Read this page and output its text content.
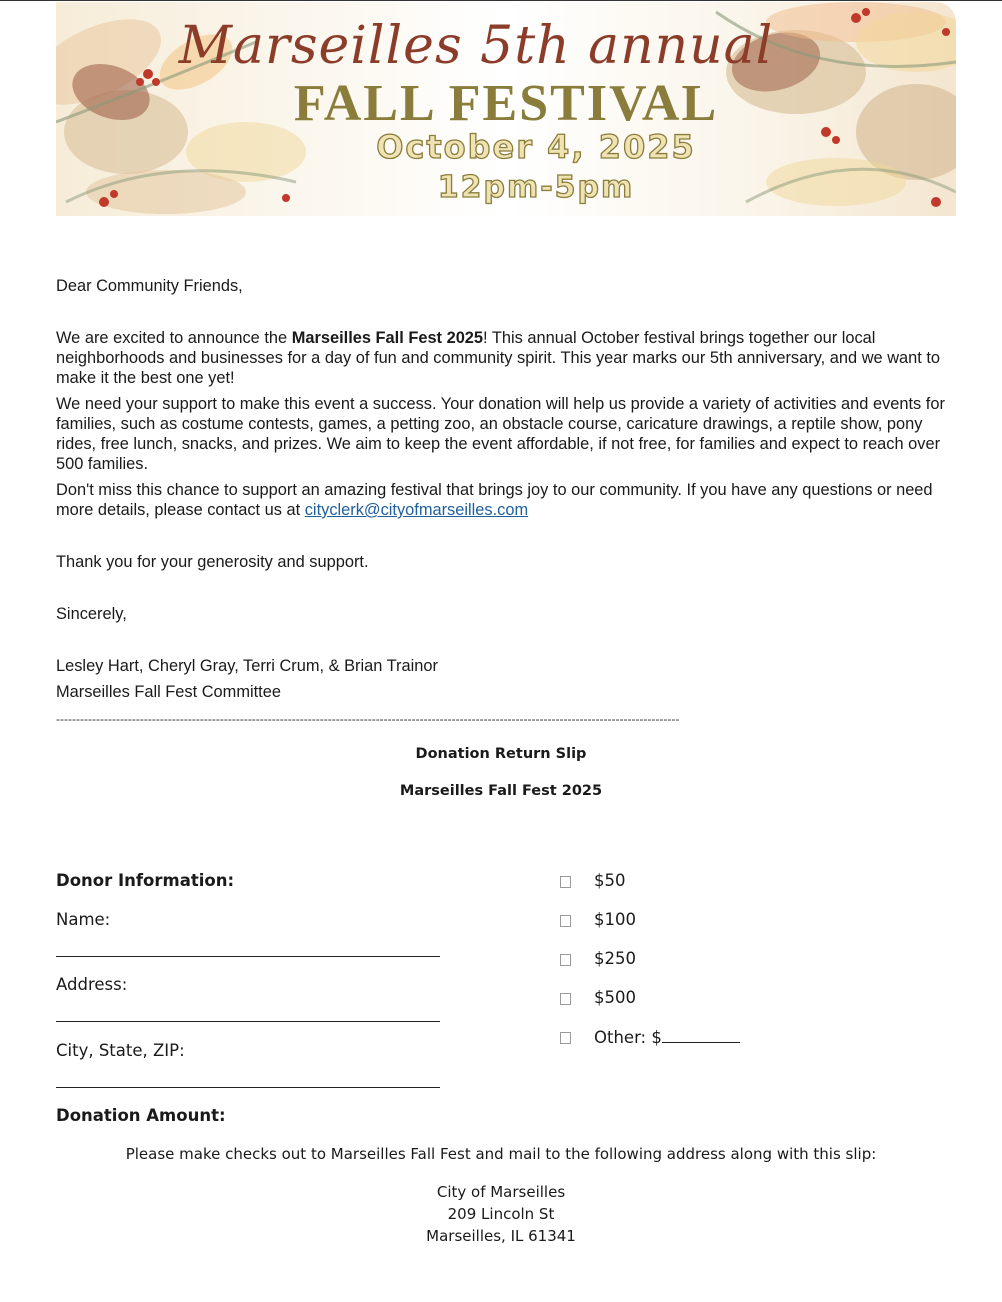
Marseilles 5th annual
FALL FESTIVAL
October 4, 2025
12pm-5pm

Dear Community Friends,

We are excited to announce the Marseilles Fall Fest 2025! This annual October festival brings together our local neighborhoods and businesses for a day of fun and community spirit. This year marks our 5th anniversary, and we want to make it the best one yet!

We need your support to make this event a success. Your donation will help us provide a variety of activities and events for families, such as costume contests, games, a petting zoo, an obstacle course, caricature drawings, a reptile show, pony rides, free lunch, snacks, and prizes. We aim to keep the event affordable, if not free, for families and expect to reach over 500 families.

Don't miss this chance to support an amazing festival that brings joy to our community. If you have any questions or need more details, please contact us at cityclerk@cityofmarseilles.com

Thank you for your generosity and support.

Sincerely,

Lesley Hart, Cheryl Gray, Terri Crum, & Brian Trainor

Marseilles Fall Fest Committee

------------------------------------------------------------------------------------------------------------------------------------------------------------
Donation Return Slip
Marseilles Fall Fest 2025
Donor Information:
Name:
Address:
City, State, ZIP:
Donation Amount:
$50
$100
$250
$500
Other: $
Please make checks out to Marseilles Fall Fest and mail to the following address along with this slip:
City of Marseilles
209 Lincoln St
Marseilles, IL 61341
